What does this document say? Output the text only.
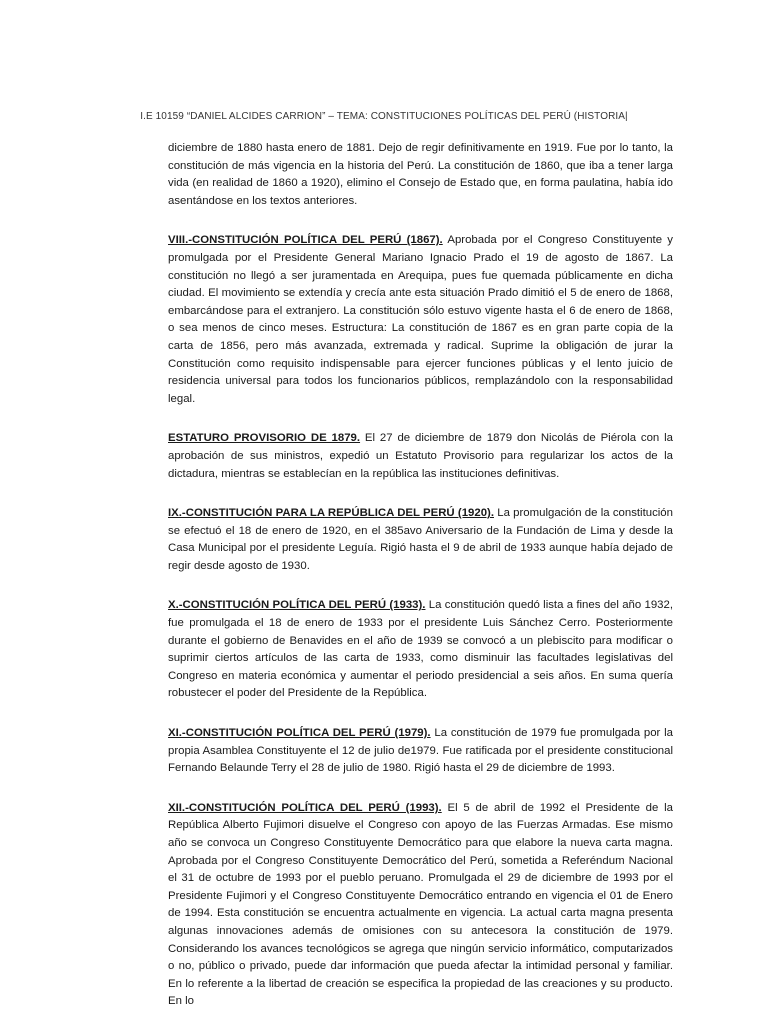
I.E 10159 “DANIEL ALCIDES CARRION” – TEMA: CONSTITUCIONES POLÍTICAS DEL PERÚ (HISTORIA|

diciembre de 1880 hasta enero de 1881. Dejo de regir definitivamente en 1919. Fue por lo tanto, la constitución de más vigencia en la historia del Perú. La constitución de 1860, que iba a tener larga vida (en realidad de 1860 a 1920), elimino el Consejo de Estado que, en forma paulatina, había ido asentándose en los textos anteriores.

VIII.-CONSTITUCIÓN POLÍTICA DEL PERÚ (1867). Aprobada por el Congreso Constituyente y promulgada por el Presidente General Mariano Ignacio Prado el 19 de agosto de 1867. La constitución no llegó a ser juramentada en Arequipa, pues fue quemada públicamente en dicha ciudad. El movimiento se extendía y crecía ante esta situación Prado dimitió el 5 de enero de 1868, embarcándose para el extranjero. La constitución sólo estuvo vigente hasta el 6 de enero de 1868, o sea menos de cinco meses. Estructura: La constitución de 1867 es en gran parte copia de la carta de 1856, pero más avanzada, extremada y radical. Suprime la obligación de jurar la Constitución como requisito indispensable para ejercer funciones públicas y el lento juicio de residencia universal para todos los funcionarios públicos, remplazándolo con la responsabilidad legal.

ESTATURO PROVISORIO DE 1879. El 27 de diciembre de 1879 don Nicolás de Piérola con la aprobación de sus ministros, expedió un Estatuto Provisorio para regularizar los actos de la dictadura, mientras se establecían en la república las instituciones definitivas.

IX.-CONSTITUCIÓN PARA LA REPÚBLICA DEL PERÚ (1920). La promulgación de la constitución se efectuó el 18 de enero de 1920, en el 385avo Aniversario de la Fundación de Lima y desde la Casa Municipal por el presidente Leguía. Rigió hasta el 9 de abril de 1933 aunque había dejado de regir desde agosto de 1930.

X.-CONSTITUCIÓN POLÍTICA DEL PERÚ (1933). La constitución quedó lista a fines del año 1932, fue promulgada el 18 de enero de 1933 por el presidente Luis Sánchez Cerro. Posteriormente durante el gobierno de Benavides en el año de 1939 se convocó a un plebiscito para modificar o suprimir ciertos artículos de las carta de 1933, como disminuir las facultades legislativas del Congreso en materia económica y aumentar el periodo presidencial a seis años. En suma quería robustecer el poder del Presidente de la República.

XI.-CONSTITUCIÓN POLÍTICA DEL PERÚ (1979). La constitución de 1979 fue promulgada por la propia Asamblea Constituyente el 12 de julio de1979. Fue ratificada por el presidente constitucional Fernando Belaunde Terry el 28 de julio de 1980. Rigió hasta el 29 de diciembre de 1993.

XII.-CONSTITUCIÓN POLÍTICA DEL PERÚ (1993). El 5 de abril de 1992 el Presidente de la República Alberto Fujimori disuelve el Congreso con apoyo de las Fuerzas Armadas. Ese mismo año se convoca un Congreso Constituyente Democrático para que elabore la nueva carta magna. Aprobada por el Congreso Constituyente Democrático del Perú, sometida a Referéndum Nacional el 31 de octubre de 1993 por el pueblo peruano. Promulgada el 29 de diciembre de 1993 por el Presidente Fujimori y el Congreso Constituyente Democrático entrando en vigencia el 01 de Enero de 1994. Esta constitución se encuentra actualmente en vigencia. La actual carta magna presenta algunas innovaciones además de omisiones con su antecesora la constitución de 1979. Considerando los avances tecnológicos se agrega que ningún servicio informático, computarizados o no, público o privado, puede dar información que pueda afectar la intimidad personal y familiar. En lo referente a la libertad de creación se especifica la propiedad de las creaciones y su producto. En lo
